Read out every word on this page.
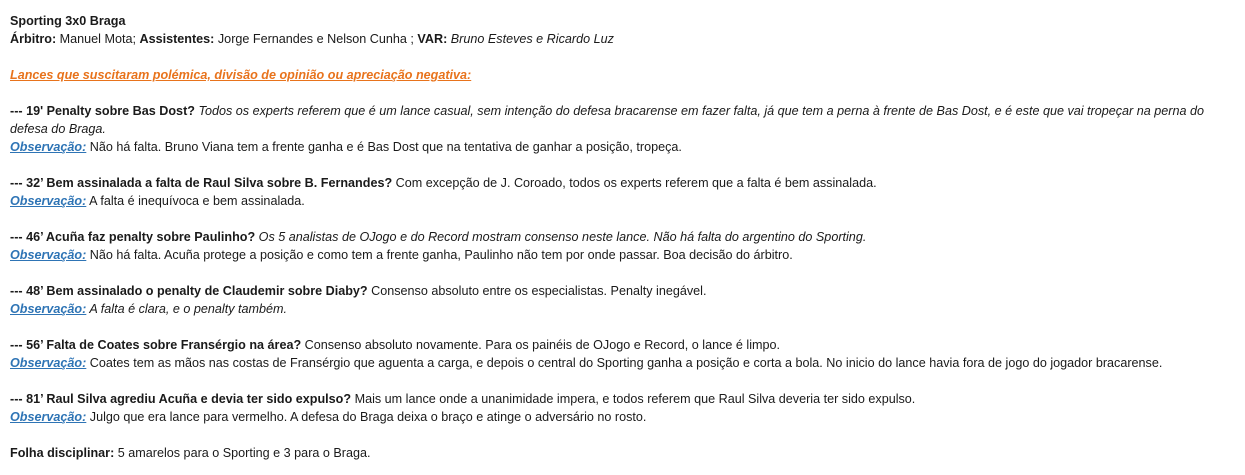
Sporting 3x0 Braga
Árbitro: Manuel Mota; Assistentes: Jorge Fernandes e Nelson Cunha ; VAR: Bruno Esteves e Ricardo Luz
Lances que suscitaram polémica, divisão de opinião ou apreciação negativa:
--- 19' Penalty sobre Bas Dost? Todos os experts referem que é um lance casual, sem intenção do defesa bracarense em fazer falta, já que tem a perna à frente de Bas Dost, e é este que vai tropeçar na perna do defesa do Braga.
Observação: Não há falta. Bruno Viana tem a frente ganha e é Bas Dost que na tentativa de ganhar a posição, tropeça.
--- 32’ Bem assinalada a falta de Raul Silva sobre B. Fernandes? Com excepção de J. Coroado, todos os experts referem que a falta é bem assinalada.
Observação: A falta é inequívoca e bem assinalada.
--- 46’ Acuña faz penalty sobre Paulinho? Os 5 analistas de OJogo e do Record mostram consenso neste lance. Não há falta do argentino do Sporting.
Observação: Não há falta. Acuña protege a posição e como tem a frente ganha, Paulinho não tem por onde passar. Boa decisão do árbitro.
--- 48’ Bem assinalado o penalty de Claudemir sobre Diaby? Consenso absoluto entre os especialistas. Penalty inegável.
Observação: A falta é clara, e o penalty também.
--- 56’ Falta de Coates sobre Fransérgio na área? Consenso absoluto novamente. Para os painéis de OJogo e Record, o lance é limpo.
Observação: Coates tem as mãos nas costas de Fransérgio que aguenta a carga, e depois o central do Sporting ganha a posição e corta a bola. No inicio do lance havia fora de jogo do jogador bracarense.
--- 81’ Raul Silva agrediu Acuña e devia ter sido expulso? Mais um lance onde a unanimidade impera, e todos referem que Raul Silva deveria ter sido expulso.
Observação: Julgo que era lance para vermelho. A defesa do Braga deixa o braço e atinge o adversário no rosto.
Folha disciplinar: 5 amarelos para o Sporting e 3 para o Braga.
